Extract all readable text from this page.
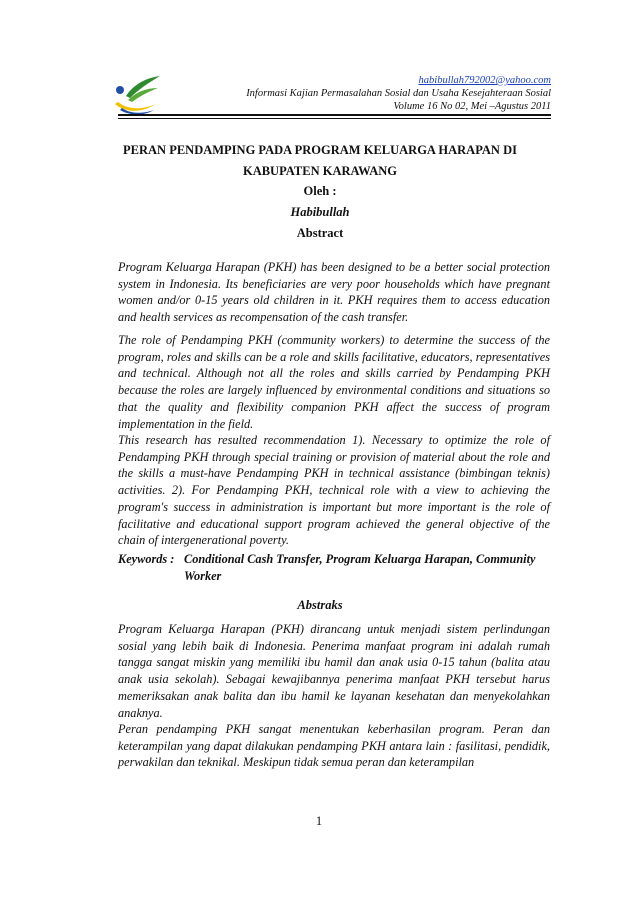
habibullah792002@yahoo.com
Informasi Kajian Permasalahan Sosial dan Usaha Kesejahteraan Sosial
Volume 16 No 02, Mei –Agustus 2011
PERAN PENDAMPING PADA PROGRAM KELUARGA HARAPAN DI
KABUPATEN KARAWANG
Oleh :
Habibullah
Abstract
Program Keluarga Harapan (PKH) has been designed to be a better social protection system in Indonesia. Its beneficiaries are very poor households which have pregnant women and/or 0-15 years old children in it. PKH requires them to access education and health services as recompensation of the cash transfer.
The role of Pendamping PKH (community workers) to determine the success of the program, roles and skills can be a role and skills facilitative, educators, representatives and technical. Although not all the roles and skills carried by Pendamping PKH because the roles are largely influenced by environmental conditions and situations so that the quality and flexibility companion PKH affect the success of program implementation in the field.
This research has resulted recommendation 1). Necessary to optimize the role of Pendamping PKH through special training or provision of material about the role and the skills a must-have Pendamping PKH in technical assistance (bimbingan teknis) activities. 2). For Pendamping PKH, technical role with a view to achieving the program's success in administration is important but more important is the role of facilitative and educational support program achieved the general objective of the chain of intergenerational poverty.
Keywords : Conditional Cash Transfer, Program Keluarga Harapan, Community
Worker
Abstraks
Program Keluarga Harapan (PKH) dirancang untuk menjadi sistem perlindungan sosial yang lebih baik di Indonesia. Penerima manfaat program ini adalah rumah tangga sangat miskin yang memiliki ibu hamil dan anak usia 0-15 tahun (balita atau anak usia sekolah). Sebagai kewajibannya penerima manfaat PKH tersebut harus memeriksakan anak balita dan ibu hamil ke layanan kesehatan dan menyekolahkan anaknya.
Peran pendamping PKH sangat menentukan keberhasilan program. Peran dan keterampilan yang dapat dilakukan pendamping PKH antara lain : fasilitasi, pendidik, perwakilan dan teknikal. Meskipun tidak semua peran dan keterampilan
1
